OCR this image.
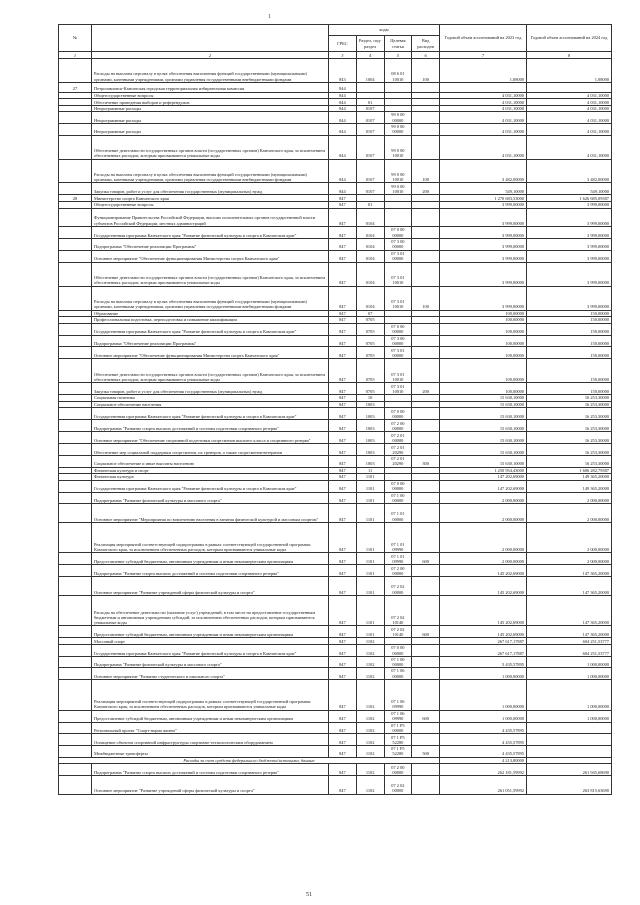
1
№		коды				Годовой объем ассигнований на 2023 год	Годовой объем ассигнований на 2024 год
		ГРБС	Раздел, под-раздел	Целевая статья	Вид расходов		
1	2	3	4	5	6	7	8
	Расходы на выплаты персоналу в целях обеспечения выполнения функций государственными (муниципальными) органами, казенными учреждениями, органами управления государственными внебюджетными фондами	843	1004	08 6 01 10010	100	1,08000	1,08000
27	Петропавловск-Камчатская городская территориальная избирательная комиссия	844					
	Общегосударственные вопросы	844				4 031,10000	4 031,10000
	Обеспечение проведения выборов и референдумов	844	01			4 031,10000	4 031,10000
	Непрограммные расходы	844	0107			4 031,10000	4 031,10000
	Непрограммные расходы	844	0107	99 0 00 00000		4 031,10000	4 031,10000
	Непрограммные расходы	844	0107	99 0 00 00000		4 031,10000	4 031,10000
	Обеспечение деятельности государственных органов власти (государственных органов) Камчатского края, за исключением обеспеченных расходов, которым присваиваются уникальные коды	844	0107	99 0 00 10010		4 031,10000	4 031,10000
	Расходы на выплаты персоналу в целях обеспечения выполнения функций государственными (муниципальными) органами, казенными учреждениями, органами управления государственными внебюджетными фондами	844	0107	99 0 00 10010	100	3 482,00000	3 482,00000
	Закупка товаров, работ и услуг для обеспечения государственных (муниципальных) нужд	844	0107	99 0 00 10010	200	549,10000	549,10000
28	Министерство спорта Камчатского края	847				1 270 683,53000	1 626 685,09387
	Общегосударственные вопросы	847	01			3 999,00000	3 999,00000
	Функционирование Правительства Российской Федерации, высших исполнительных органов государственной власти субъектов Российской Федерации, местных администраций	847	0104			3 999,00000	3 999,00000
	Государственная программа Камчатского края "Развитие физической культуры и спорта в Камчатском крае"	847	0104	07 0 00 00000		3 999,00000	3 999,00000
	Подпрограмма "Обеспечение реализации Программы"	847	0104	07 3 00 00000		3 999,00000	3 999,00000
	Основное мероприятие "Обеспечение функционирования Министерства спорта Камчатского края"	847	0104	07 3 01 00000		3 999,00000	3 999,00000
	Обеспечение деятельности государственных органов власти (государственных органов) Камчатского края, за исключением обеспеченных расходов, которым присваиваются уникальные коды	847	0104	07 3 01 10010		3 999,00000	3 999,00000
	Расходы на выплаты персоналу в целях обеспечения выполнения функций государственными (муниципальными) органами, казенными учреждениями, органами управления государственными внебюджетными фондами	847	0104	07 3 01 10010	100	3 999,00000	3 999,00000
	Образование	847	07			100,00000	150,00000
	Профессиональная подготовка, переподготовка и повышение квалификации	847	0705			100,00000	150,00000
	Государственная программа Камчатского края "Развитие физической культуры и спорта в Камчатском крае"	847	0705	07 0 00 00000		100,00000	150,00000
	Подпрограмма "Обеспечение реализации Программы"	847	0705	07 3 00 00000		100,00000	150,00000
	Основное мероприятие "Обеспечение функционирования Министерства спорта Камчатского края"	847	0705	07 3 01 00000		100,00000	150,00000
	Обеспечение деятельности государственных органов власти (государственных органов) Камчатского края, за исключением обеспеченных расходов, которым присваиваются уникальные коды	847	0705	07 3 01 10010		100,00000	150,00000
	Закупка товаров, работ и услуг для обеспечения государственных (муниципальных) нужд	847	0705	07 3 01 10010	200	100,00000	150,00000
	Социальная политика	847	10			15 630,10000	16 253,30000
	Социальное обеспечение населения	847	1003			15 630,10000	16 253,30000
	Государственная программа Камчатского края "Развитие физической культуры и спорта в Камчатском крае"	847	1003	07 0 00 00000		15 630,10000	16 253,30000
	Подпрограмма "Развитие спорта высших достижений и системы подготовки спортивного резерва"	847	1003	07 2 00 00000		15 630,10000	16 253,30000
	Основное мероприятие "Обеспечение спортивной подготовки спортсменов высшего класса и спортивного резерва"	847	1003	07 2 01 00000		15 630,10000	16 253,30000
	Обеспечение мер социальной поддержки спортсменов, их тренеров, а также спортсменов-ветеранов	847	1003	07 2 01 20290		15 630,10000	16 253,30000
	Социальное обеспечение и иные выплаты населению	847	1003	07 2 01 20290	300	15 630,10000	16 253,30000
	Физическая культура и спорт	847	11			1 250 954,43000	1 606 282,79387
	Физическая культура	847	1101			147 202,69000	149 365,20000
	Государственная программа Камчатского края "Развитие физической культуры и спорта в Камчатском крае"	847	1101	07 0 00 00000		147 202,69000	149 365,20000
	Подпрограмма "Развитие физической культуры и массового спорта"	847	1101	07 1 00 00000		2 000,00000	2 000,00000
	Основное мероприятие "Мероприятия по вовлечению населения в занятия физической культурой и массовым спортом"	847	1101	07 1 01 00000		2 000,00000	2 000,00000
	Реализация мероприятий соответствующей подпрограммы в рамках соответствующей государственной программы Камчатского края, за исключением обеспеченных расходов, которым присваиваются уникальные коды	847	1101	07 1 01 09990		2 000,00000	2 000,00000
	Предоставление субсидий бюджетным, автономным учреждениям и иным некоммерческим организациям	847	1101	07 1 01 09990	600	2 000,00000	2 000,00000
	Подпрограмма "Развитие спорта высших достижений и системы подготовки спортивного резерва"	847	1101	07 2 00 00000		145 202,69000	147 365,20000
	Основное мероприятие "Развитие учреждений сферы физической культуры и спорта"	847	1101	07 2 02 00000		145 202,69000	147 365,20000
	Расходы на обеспечение деятельности (оказание услуг) учреждений, в том числе на предоставление государственным бюджетным и автономным учреждениям субсидий, за исключением обеспеченных расходов, которым присваиваются уникальные коды	847	1101	07 2 02 10140		145 202,69000	147 365,20000
	Предоставление субсидий бюджетным, автономным учреждениям и иным некоммерческим организациям	847	1101	07 2 02 10140	600	145 202,69000	147 365,20000
	Массовый спорт	847	1102			267 617,17887	604 251,53777
	Государственная программа Камчатского края "Развитие физической культуры и спорта в Камчатском крае"	847	1102	07 0 00 00000		267 617,17887	604 251,53777
	Подпрограмма "Развитие физической культуры и массового спорта"	847	1102	07 1 00 00000		5 435,57895	1 000,00000
	Основное мероприятие "Развитие студенческого и школьного спорта"	847	1102	07 1 06 00000		1 000,00000	1 000,00000
	Реализация мероприятий соответствующей подпрограммы в рамках соответствующей государственной программы Камчатского края, за исключением обеспеченных расходов, которым присваиваются уникальные коды	847	1102	07 1 06 09990		1 000,00000	1 000,00000
	Предоставление субсидий бюджетным, автономным учреждениям и иным некоммерческим организациям	847	1102	07 1 06 09990	600	1 000,00000	1 000,00000
	Региональный проект "Спорт-норма жизни"	847	1102	07 1 P5 00000		4 435,57895	
	Оснащение объектов спортивной инфраструктуры спортивно-технологическим оборудованием	847	1102	07 1 P5 52280		4 435,57895	
	Межбюджетные трансферты	847	1102	07 1 P5 52280	500	4 435,57895	
Расходы за счет средств федерального бюджета/источника, данные						4 213,80000	
	Подпрограмма "Развитие спорта высших достижений и системы подготовки спортивного резерва"	847	1102	07 2 00 00000		262 181,59992	261 945,68690
	Основное мероприятие "Развитие учреждений сферы физической культуры и спорта"	847	1102	07 2 02 00000		261 051,59992	263 815,63690
51
